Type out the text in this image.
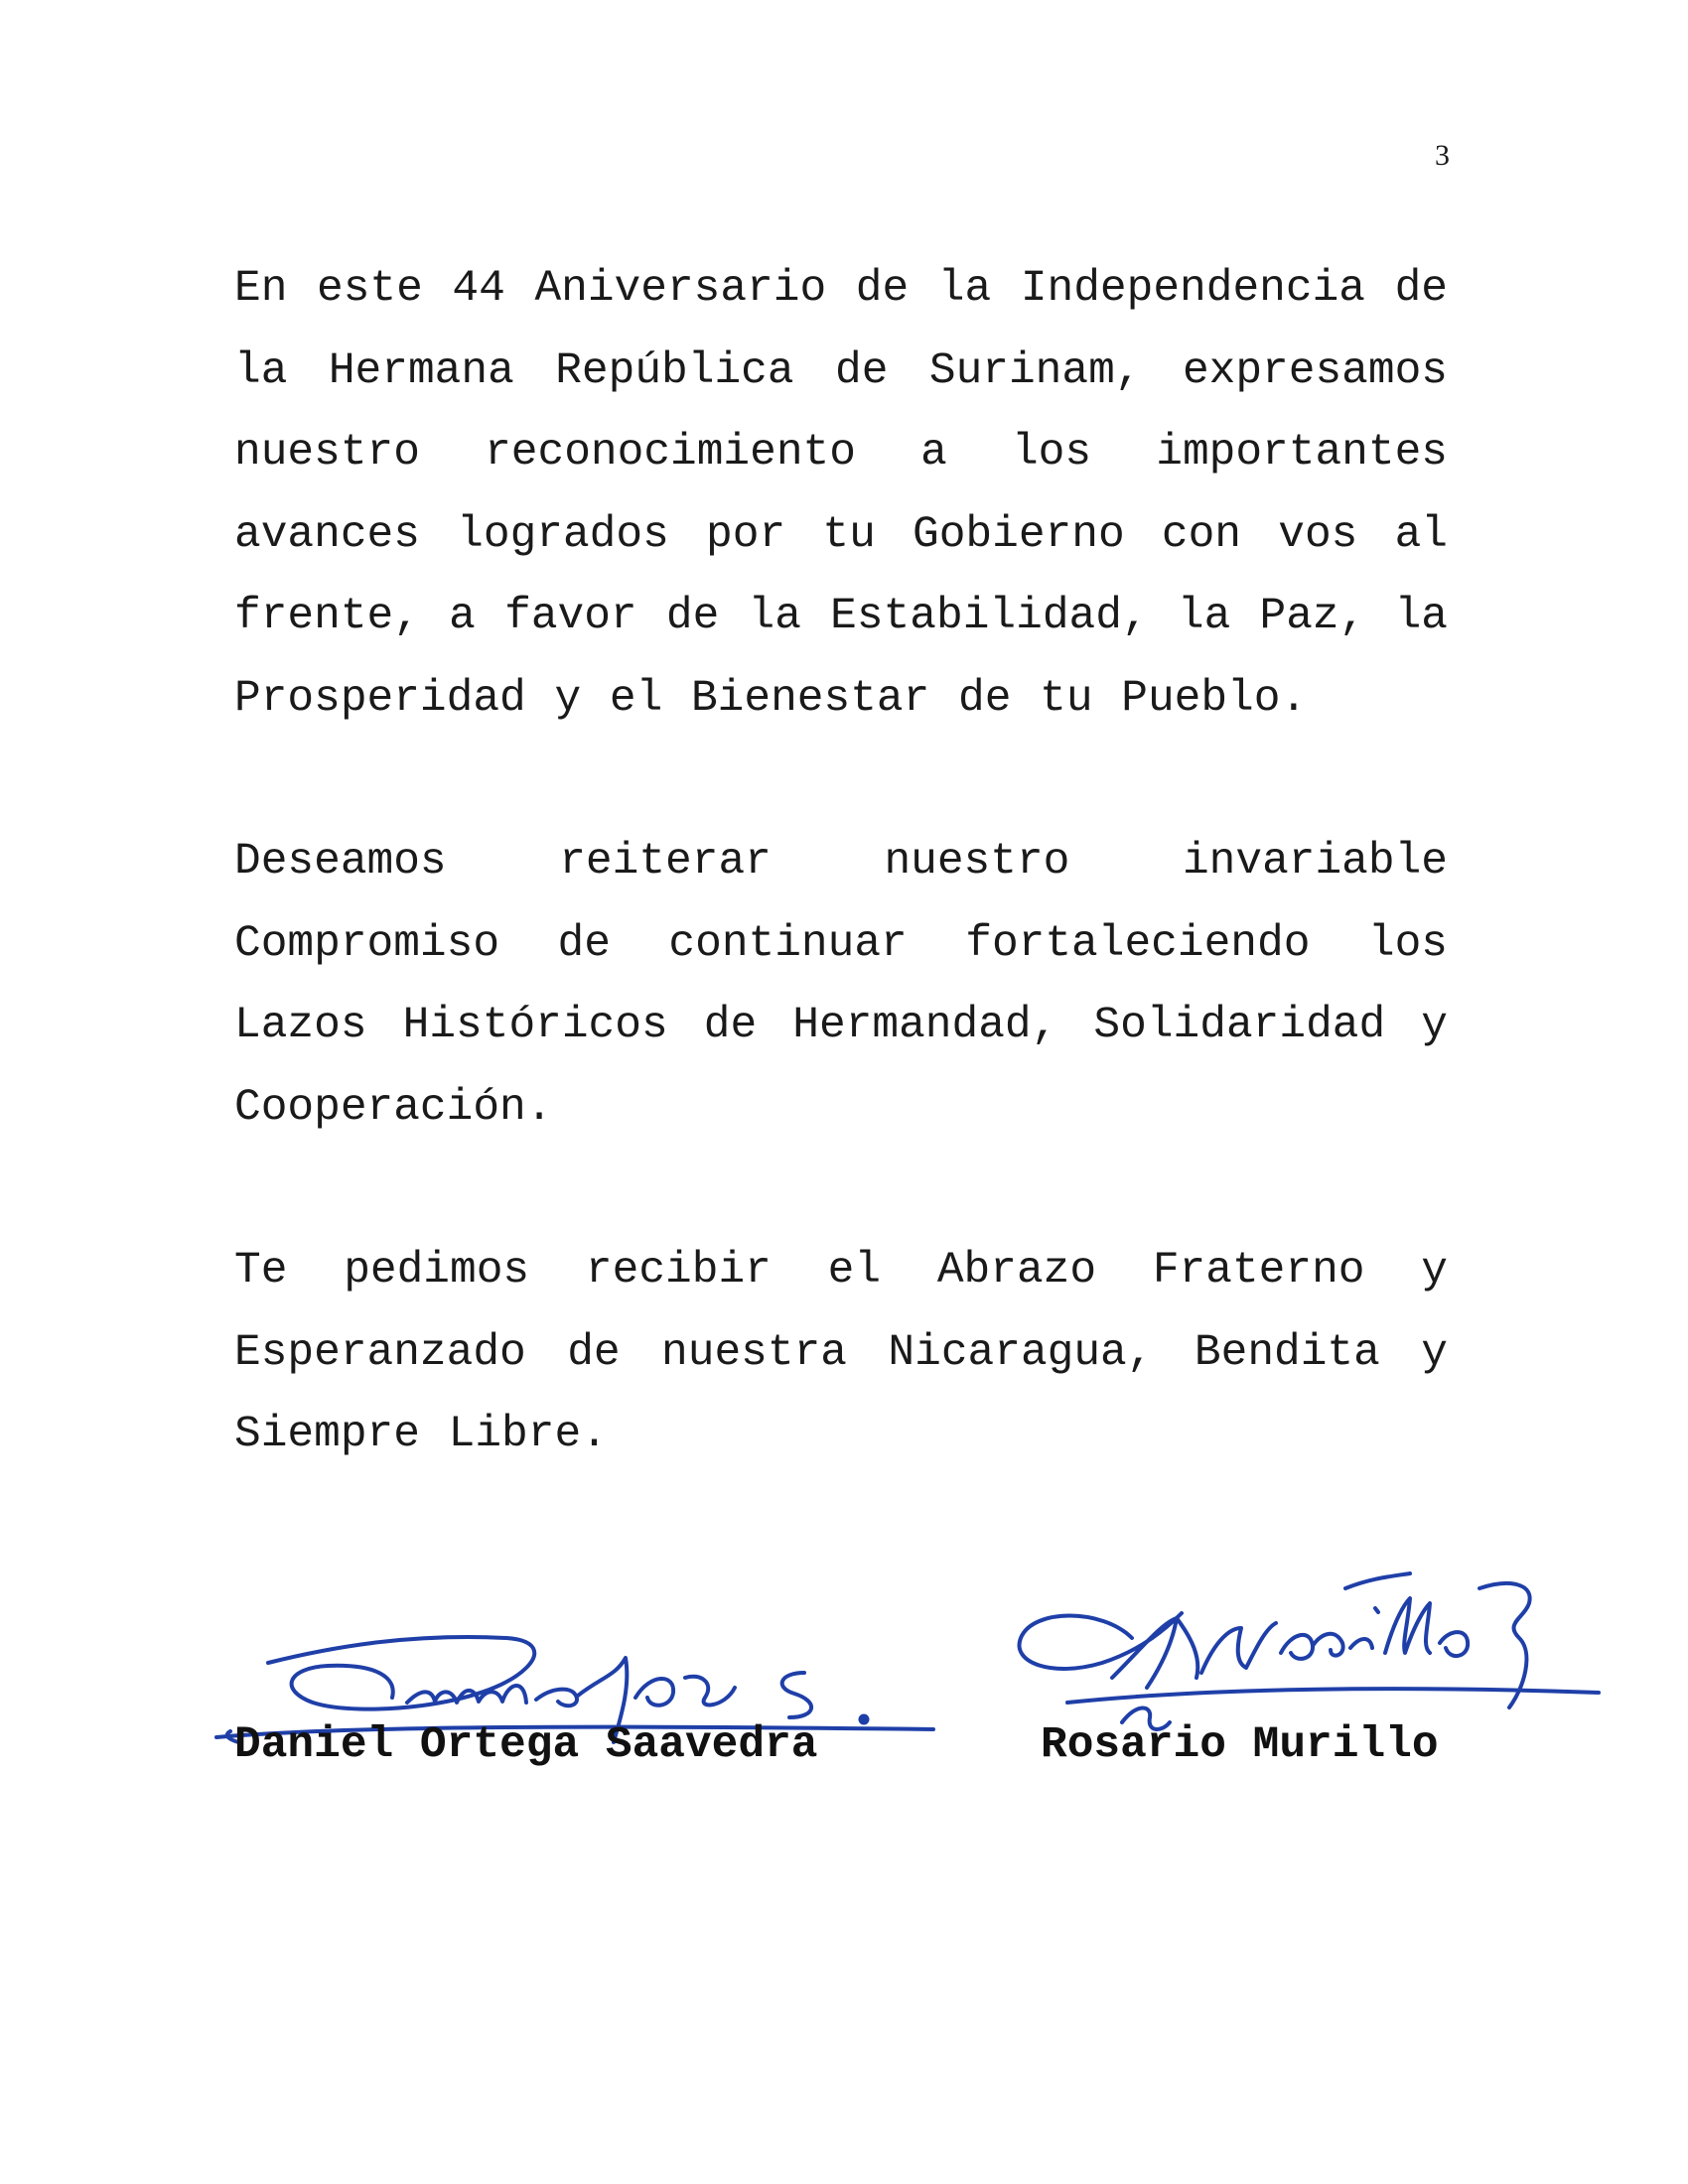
3

En este 44 Aniversario de la Independencia de la Hermana República de Surinam, expresamos nuestro reconocimiento a los importantes avances logrados por tu Gobierno con vos al frente, a favor de la Estabilidad, la Paz, la Prosperidad y el Bienestar de tu Pueblo.

Deseamos reiterar nuestro invariable Compromiso de continuar fortaleciendo los Lazos Históricos de Hermandad, Solidaridad y Cooperación.

Te pedimos recibir el Abrazo Fraterno y Esperanzado de nuestra Nicaragua, Bendita y Siempre Libre.

Daniel Ortega Saavedra	Rosario Murillo
